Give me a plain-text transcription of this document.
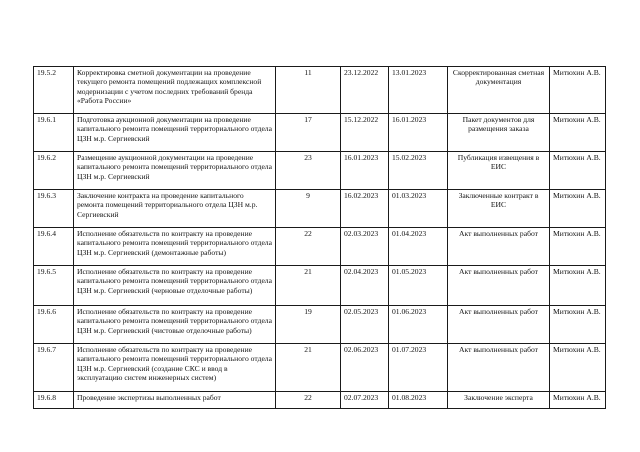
19.5.2	Корректировка сметной документации на проведение текущего ремонта помещений подлежащих комплексной модернизации с учетом последних требований бренда «Работа России»	11	23.12.2022	13.01.2023	Скорректированная сметная документация	Митюхин А.В.
19.6.1	Подготовка аукционной документации на проведение капитального ремонта помещений территориального отдела ЦЗН м.р. Сергиевский	17	15.12.2022	16.01.2023	Пакет документов для размещения заказа	Митюхин А.В.
19.6.2	Размещение аукционной документации на проведение капитального ремонта помещений территориального отдела ЦЗН м.р. Сергиевский	23	16.01.2023	15.02.2023	Публикация извещения в ЕИС	Митюхин А.В.
19.6.3	Заключение контракта на проведение капитального ремонта помещений территориального отдела ЦЗН м.р. Сергиевский	9	16.02.2023	01.03.2023	Заключенные контракт в ЕИС	Митюхин А.В.
19.6.4	Исполнение обязательств по контракту на проведение капитального ремонта помещений территориального отдела ЦЗН м.р. Сергиевский (демонтажные работы)	22	02.03.2023	01.04.2023	Акт выполненных работ	Митюхин А.В.
19.6.5	Исполнение обязательств по контракту на проведение капитального ремонта помещений территориального отдела ЦЗН м.р. Сергиевский (черновые отделочные работы)	21	02.04.2023	01.05.2023	Акт выполненных работ	Митюхин А.В.
19.6.6	Исполнение обязательств по контракту на проведение капитального ремонта помещений территориального отдела ЦЗН м.р. Сергиевский (чистовые отделочные работы)	19	02.05.2023	01.06.2023	Акт выполненных работ	Митюхин А.В.
19.6.7	Исполнение обязательств по контракту на проведение капитального ремонта помещений территориального отдела ЦЗН м.р. Сергиевский (создание СКС и ввод в эксплуатацию систем инженерных систем)	21	02.06.2023	01.07.2023	Акт выполненных работ	Митюхин А.В.
19.6.8	Проведение экспертизы выполненных работ	22	02.07.2023	01.08.2023	Заключение эксперта	Митюхин А.В.
